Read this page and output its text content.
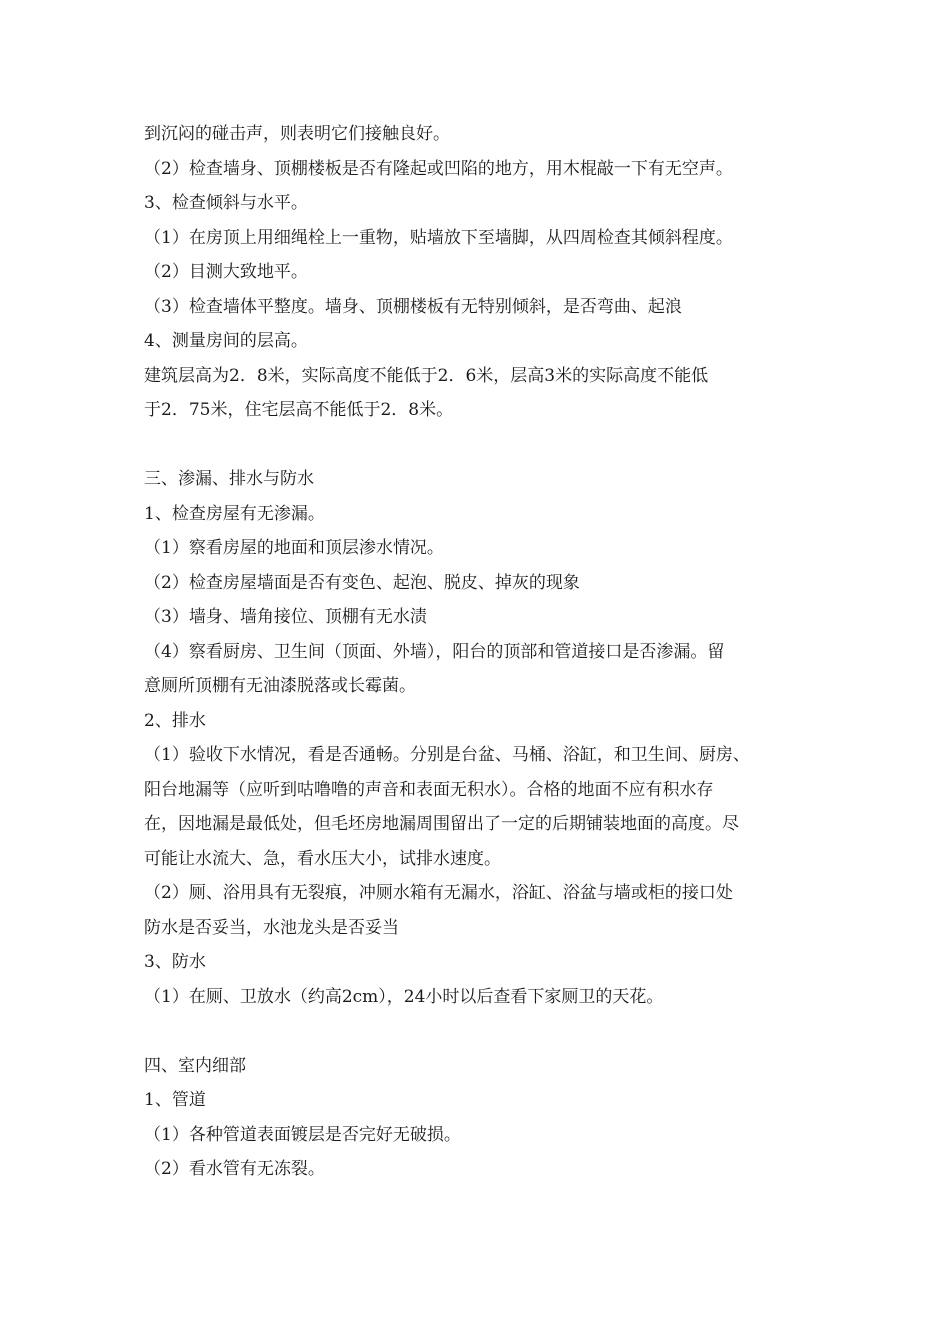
到沉闷的碰击声，则表明它们接触良好。
（2）检查墙身、顶棚楼板是否有隆起或凹陷的地方，用木棍敲一下有无空声。
3、检查倾斜与水平。
（1）在房顶上用细绳栓上一重物，贴墙放下至墙脚，从四周检查其倾斜程度。
（2）目测大致地平。
（3）检查墙体平整度。墙身、顶棚楼板有无特别倾斜，是否弯曲、起浪
4、测量房间的层高。
建筑层高为2．8米，实际高度不能低于2．6米，层高3米的实际高度不能低
于2．75米，住宅层高不能低于2．8米。
三、渗漏、排水与防水
1、检查房屋有无渗漏。
（1）察看房屋的地面和顶层渗水情况。
（2）检查房屋墙面是否有变色、起泡、脱皮、掉灰的现象
（3）墙身、墙角接位、顶棚有无水渍
（4）察看厨房、卫生间（顶面、外墙），阳台的顶部和管道接口是否渗漏。留
意厕所顶棚有无油漆脱落或长霉菌。
2、排水
（1）验收下水情况，看是否通畅。分别是台盆、马桶、浴缸，和卫生间、厨房、
阳台地漏等（应听到咕噜噜的声音和表面无积水）。合格的地面不应有积水存
在，因地漏是最低处，但毛坯房地漏周围留出了一定的后期铺装地面的高度。尽
可能让水流大、急，看水压大小，试排水速度。
（2）厕、浴用具有无裂痕，冲厕水箱有无漏水，浴缸、浴盆与墙或柜的接口处
防水是否妥当，水池龙头是否妥当
3、防水
（1）在厕、卫放水（约高2cm），24小时以后查看下家厕卫的天花。
四、室内细部
1、管道
（1）各种管道表面镀层是否完好无破损。
（2）看水管有无冻裂。
